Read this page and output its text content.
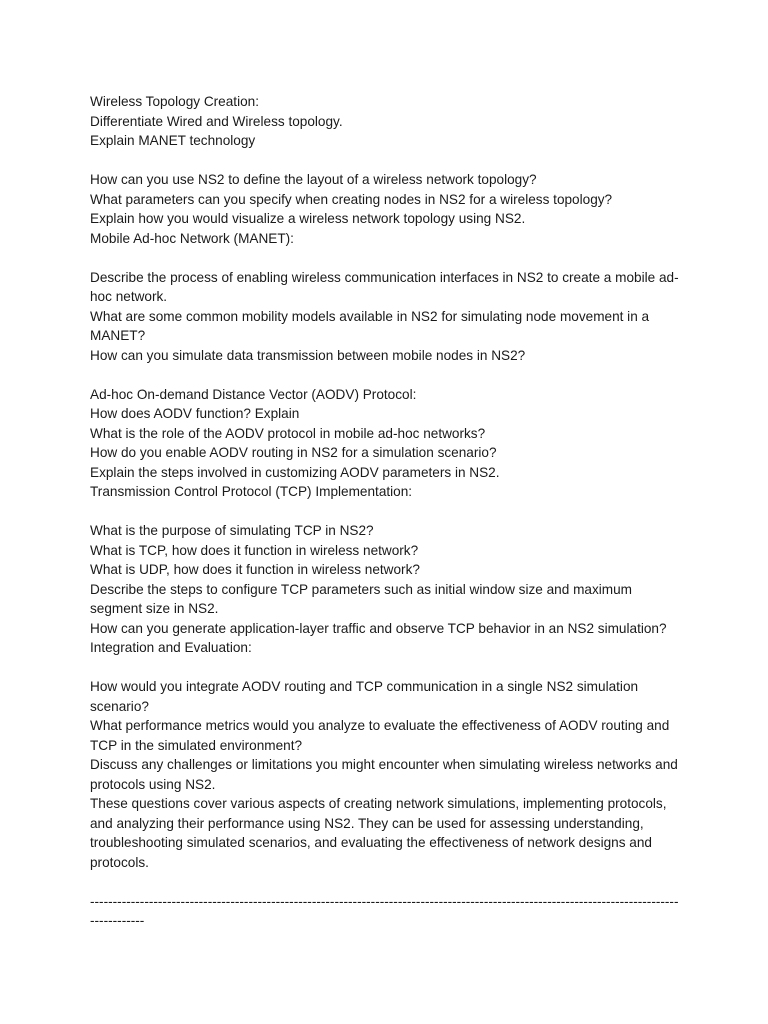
Wireless Topology Creation:
Differentiate Wired and Wireless topology.
Explain MANET technology
How can you use NS2 to define the layout of a wireless network topology?
What parameters can you specify when creating nodes in NS2 for a wireless topology?
Explain how you would visualize a wireless network topology using NS2.
Mobile Ad-hoc Network (MANET):
Describe the process of enabling wireless communication interfaces in NS2 to create a mobile ad-hoc network.
What are some common mobility models available in NS2 for simulating node movement in a MANET?
How can you simulate data transmission between mobile nodes in NS2?
Ad-hoc On-demand Distance Vector (AODV) Protocol:
How does AODV function? Explain
What is the role of the AODV protocol in mobile ad-hoc networks?
How do you enable AODV routing in NS2 for a simulation scenario?
Explain the steps involved in customizing AODV parameters in NS2.
Transmission Control Protocol (TCP) Implementation:
What is the purpose of simulating TCP in NS2?
What is TCP, how does it function in wireless network?
What is UDP, how does it function in wireless network?
Describe the steps to configure TCP parameters such as initial window size and maximum segment size in NS2.
How can you generate application-layer traffic and observe TCP behavior in an NS2 simulation?
Integration and Evaluation:
How would you integrate AODV routing and TCP communication in a single NS2 simulation scenario?
What performance metrics would you analyze to evaluate the effectiveness of AODV routing and TCP in the simulated environment?
Discuss any challenges or limitations you might encounter when simulating wireless networks and protocols using NS2.
These questions cover various aspects of creating network simulations, implementing protocols, and analyzing their performance using NS2. They can be used for assessing understanding, troubleshooting simulated scenarios, and evaluating the effectiveness of network designs and protocols.
----------------------------------------------------------------------------------------------------------------------------------------------
